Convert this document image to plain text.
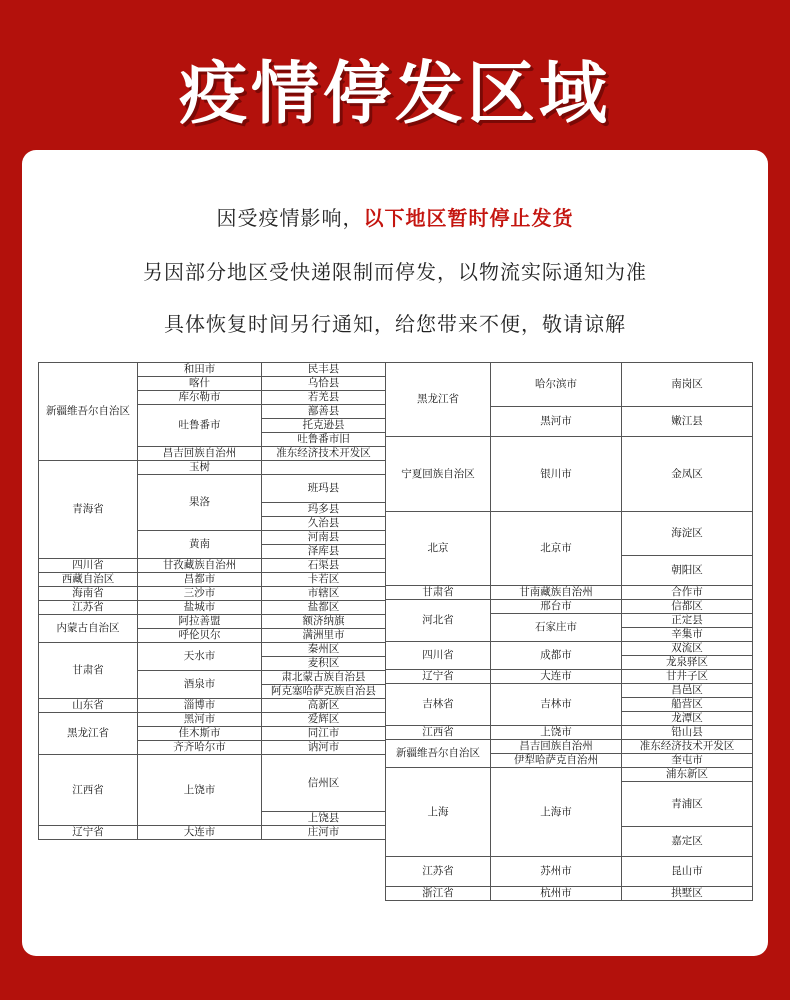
疫情停发区域
因受疫情影响，以下地区暂时停止发货
另因部分地区受快递限制而停发，以物流实际通知为准
具体恢复时间另行通知，给您带来不便，敬请谅解
新疆维吾尔自治区	和田市	民丰县
	喀什	乌恰县
	库尔勒市	若羌县
	吐鲁番市	鄯善县
		托克逊县
		吐鲁番市旧
	昌吉回族自治州	准东经济技术开发区
青海省	玉树	
	果洛	班玛县
		玛多县
		久治县
	黄南	河南县
		泽库县
四川省	甘孜藏族自治州	石渠县
西藏自治区	昌都市	卡若区
海南省	三沙市	市辖区
江苏省	盐城市	盐都区
内蒙古自治区	阿拉善盟	额济纳旗
	呼伦贝尔	满洲里市
甘肃省	天水市	秦州区
		麦积区
	酒泉市	肃北蒙古族自治县
		阿克塞哈萨克族自治县
山东省	淄博市	高新区
黑龙江省	黑河市	爱辉区
	佳木斯市	同江市
	齐齐哈尔市	讷河市
江西省	上饶市	信州区
		上饶县
辽宁省	大连市	庄河市
黑龙江省	哈尔滨市	南岗区
	黑河市	嫩江县
宁夏回族自治区	银川市	金凤区
北京	北京市	海淀区
		朝阳区
甘肃省	甘南藏族自治州	合作市
河北省	邢台市	信都区
	石家庄市	正定县
		辛集市
四川省	成都市	双流区
		龙泉驿区
辽宁省	大连市	甘井子区
吉林省	吉林市	昌邑区
		船营区
		龙潭区
江西省	上饶市	铅山县
新疆维吾尔自治区	昌吉回族自治州	准东经济技术开发区
	伊犁哈萨克自治州	奎屯市
上海	上海市	浦东新区
		青浦区
		嘉定区
江苏省	苏州市	昆山市
浙江省	杭州市	拱墅区
